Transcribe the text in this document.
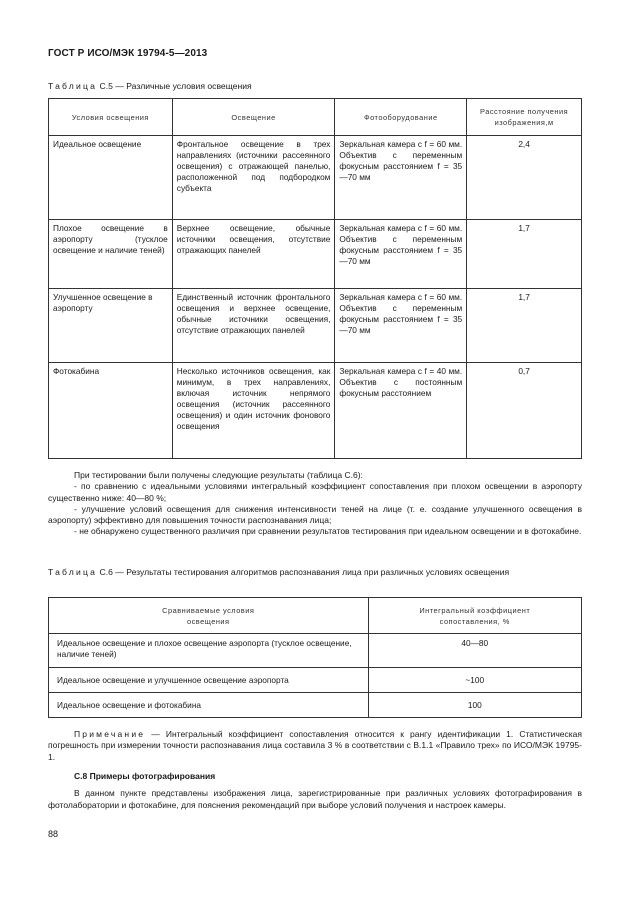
ГОСТ Р ИСО/МЭК 19794-5—2013
Таблица С.5 — Различные условия освещения
Условия освещения	Освещение	Фотооборудование	Расстояние получения изображения,м
Идеальное освещение	Фронтальное освещение в трех направлениях (источники рассеянного освещения) с отражающей панелью, расположенной под подбородком субъекта	Зеркальная камера с f = 60 мм. Объектив с переменным фокусным расстоянием f = 35—70 мм	2,4
Плохое освещение в аэропорту (тусклое освещение и наличие теней)	Верхнее освещение, обычные источники освещения, отсутствие отражающих панелей	Зеркальная камера с f = 60 мм. Объектив с переменным фокусным расстоянием f = 35—70 мм	1,7
Улучшенное освещение в аэропорту	Единственный источник фронтального освещения и верхнее освещение, обычные источники освещения, отсутствие отражающих панелей	Зеркальная камера с f = 60 мм. Объектив с переменным фокусным расстоянием f = 35—70 мм	1,7
Фотокабина	Несколько источников освещения, как минимум, в трех направлениях, включая источник непрямого освещения (источник рассеянного освещения) и один источник фонового освещения	Зеркальная камера с f = 40 мм. Объектив с постоянным фокусным расстоянием	0,7

При тестировании были получены следующие результаты (таблица С.6):

- по сравнению с идеальными условиями интегральный коэффициент сопоставления при плохом освещении в аэропорту существенно ниже: 40—80 %;

- улучшение условий освещения для снижения интенсивности теней на лице (т. е. создание улучшенного освещения в аэропорту) эффективно для повышения точности распознавания лица;

- не обнаружено существенного различия при сравнении результатов тестирования при идеальном освещении и в фотокабине.

Таблица С.6 — Результаты тестирования алгоритмов распознавания лица при различных условиях освещения
Сравниваемые условия освещения	Интегральный коэффициент сопоставления, %
Идеальное освещение и плохое освещение аэропорта (тусклое освещение, наличие теней)	40—80
Идеальное освещение и улучшенное освещение аэропорта	~100
Идеальное освещение и фотокабина	100

Примечание — Интегральный коэффициент сопоставления относится к рангу идентификации 1. Статистическая погрешность при измерении точности распознавания лица составила 3 % в соответствии с В.1.1 «Правило трех» по ИСО/МЭК 19795-1.

С.8 Примеры фотографирования

В данном пункте представлены изображения лица, зарегистрированные при различных условиях фотографирования в фотолаборатории и фотокабине, для пояснения рекомендаций при выборе условий получения и настроек камеры.

88
